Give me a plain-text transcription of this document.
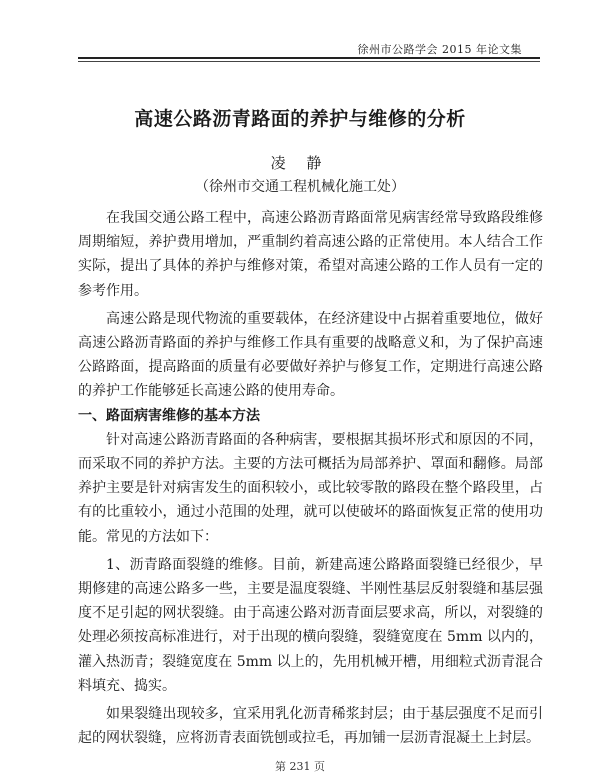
徐州市公路学会 2015 年论文集
高速公路沥青路面的养护与维修的分析
凌 静
（徐州市交通工程机械化施工处）

在我国交通公路工程中，高速公路沥青路面常见病害经常导致路段维修周期缩短，养护费用增加，严重制约着高速公路的正常使用。本人结合工作实际，提出了具体的养护与维修对策，希望对高速公路的工作人员有一定的参考作用。

高速公路是现代物流的重要载体，在经济建设中占据着重要地位，做好高速公路沥青路面的养护与维修工作具有重要的战略意义和，为了保护高速公路路面，提高路面的质量有必要做好养护与修复工作，定期进行高速公路的养护工作能够延长高速公路的使用寿命。

一、路面病害维修的基本方法

针对高速公路沥青路面的各种病害，要根据其损坏形式和原因的不同，而采取不同的养护方法。主要的方法可概括为局部养护、罩面和翻修。局部养护主要是针对病害发生的面积较小，或比较零散的路段在整个路段里，占有的比重较小，通过小范围的处理，就可以使破坏的路面恢复正常的使用功能。常见的方法如下：

1、沥青路面裂缝的维修。目前，新建高速公路路面裂缝已经很少，早期修建的高速公路多一些，主要是温度裂缝、半刚性基层反射裂缝和基层强度不足引起的网状裂缝。由于高速公路对沥青面层要求高，所以，对裂缝的处理必须按高标准进行，对于出现的横向裂缝，裂缝宽度在 5mm 以内的，灌入热沥青；裂缝宽度在 5mm 以上的，先用机械开槽，用细粒式沥青混合料填充、捣实。

如果裂缝出现较多，宜采用乳化沥青稀浆封层；由于基层强度不足而引起的网状裂缝，应将沥青表面铣刨或拉毛，再加铺一层沥青混凝土上封层。

第 231 页
